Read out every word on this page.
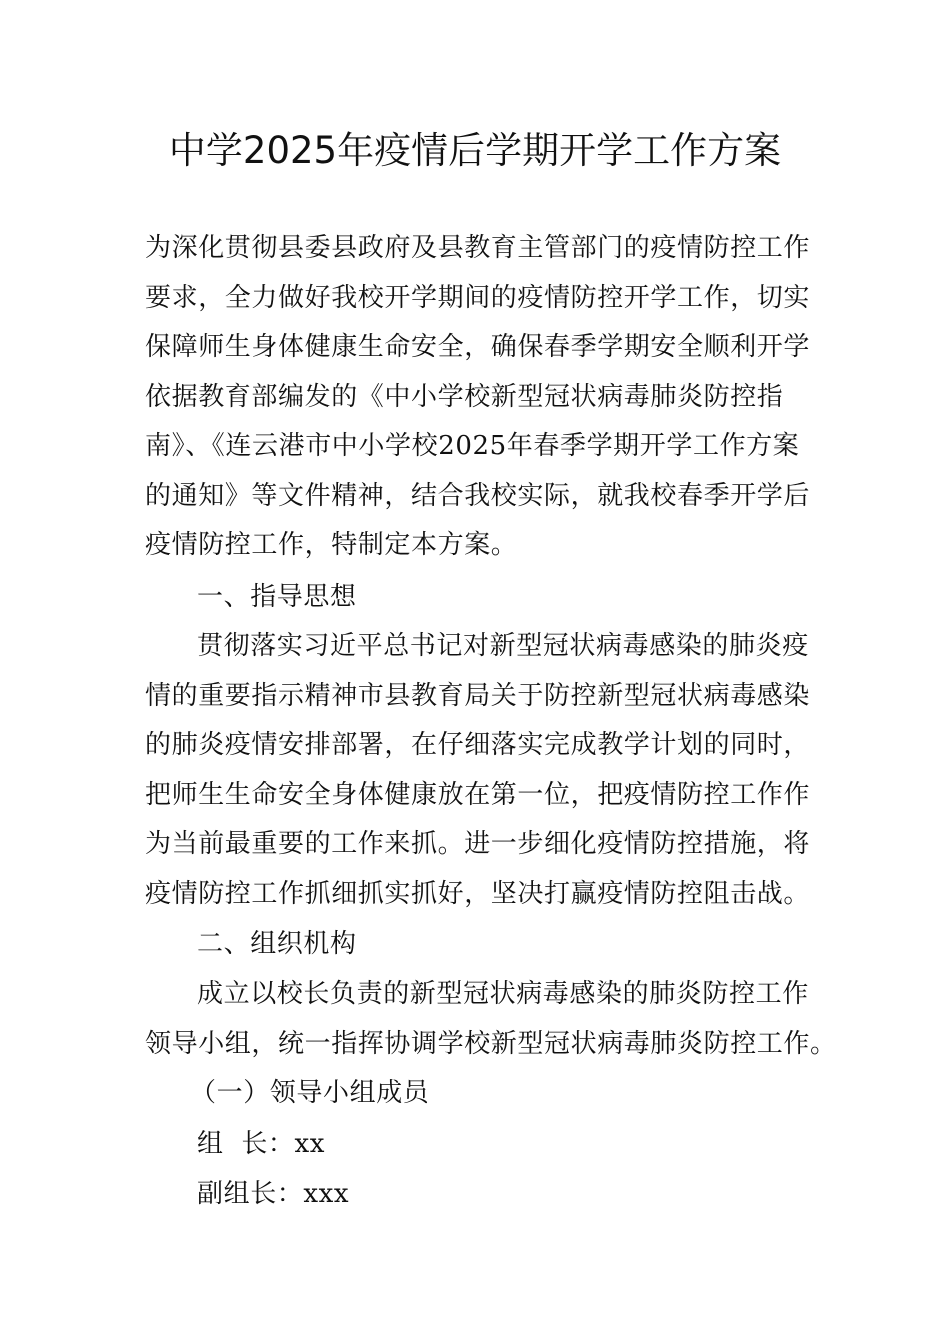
中学2025年疫情后学期开学工作方案
为深化贯彻县委县政府及县教育主管部门的疫情防控工作
要求，全力做好我校开学期间的疫情防控开学工作，切实
保障师生身体健康生命安全，确保春季学期安全顺利开学
依据教育部编发的《中小学校新型冠状病毒肺炎防控指
南》、《连云港市中小学校2025年春季学期开学工作方案
的通知》等文件精神，结合我校实际，就我校春季开学后
疫情防控工作，特制定本方案。
一、指导思想
贯彻落实习近平总书记对新型冠状病毒感染的肺炎疫
情的重要指示精神市县教育局关于防控新型冠状病毒感染
的肺炎疫情安排部署，在仔细落实完成教学计划的同时，
把师生生命安全身体健康放在第一位，把疫情防控工作作
为当前最重要的工作来抓。进一步细化疫情防控措施，将
疫情防控工作抓细抓实抓好，坚决打赢疫情防控阻击战。
二、组织机构
成立以校长负责的新型冠状病毒感染的肺炎防控工作
领导小组，统一指挥协调学校新型冠状病毒肺炎防控工作。
（一）领导小组成员
组  长：xx
副组长：xxx
